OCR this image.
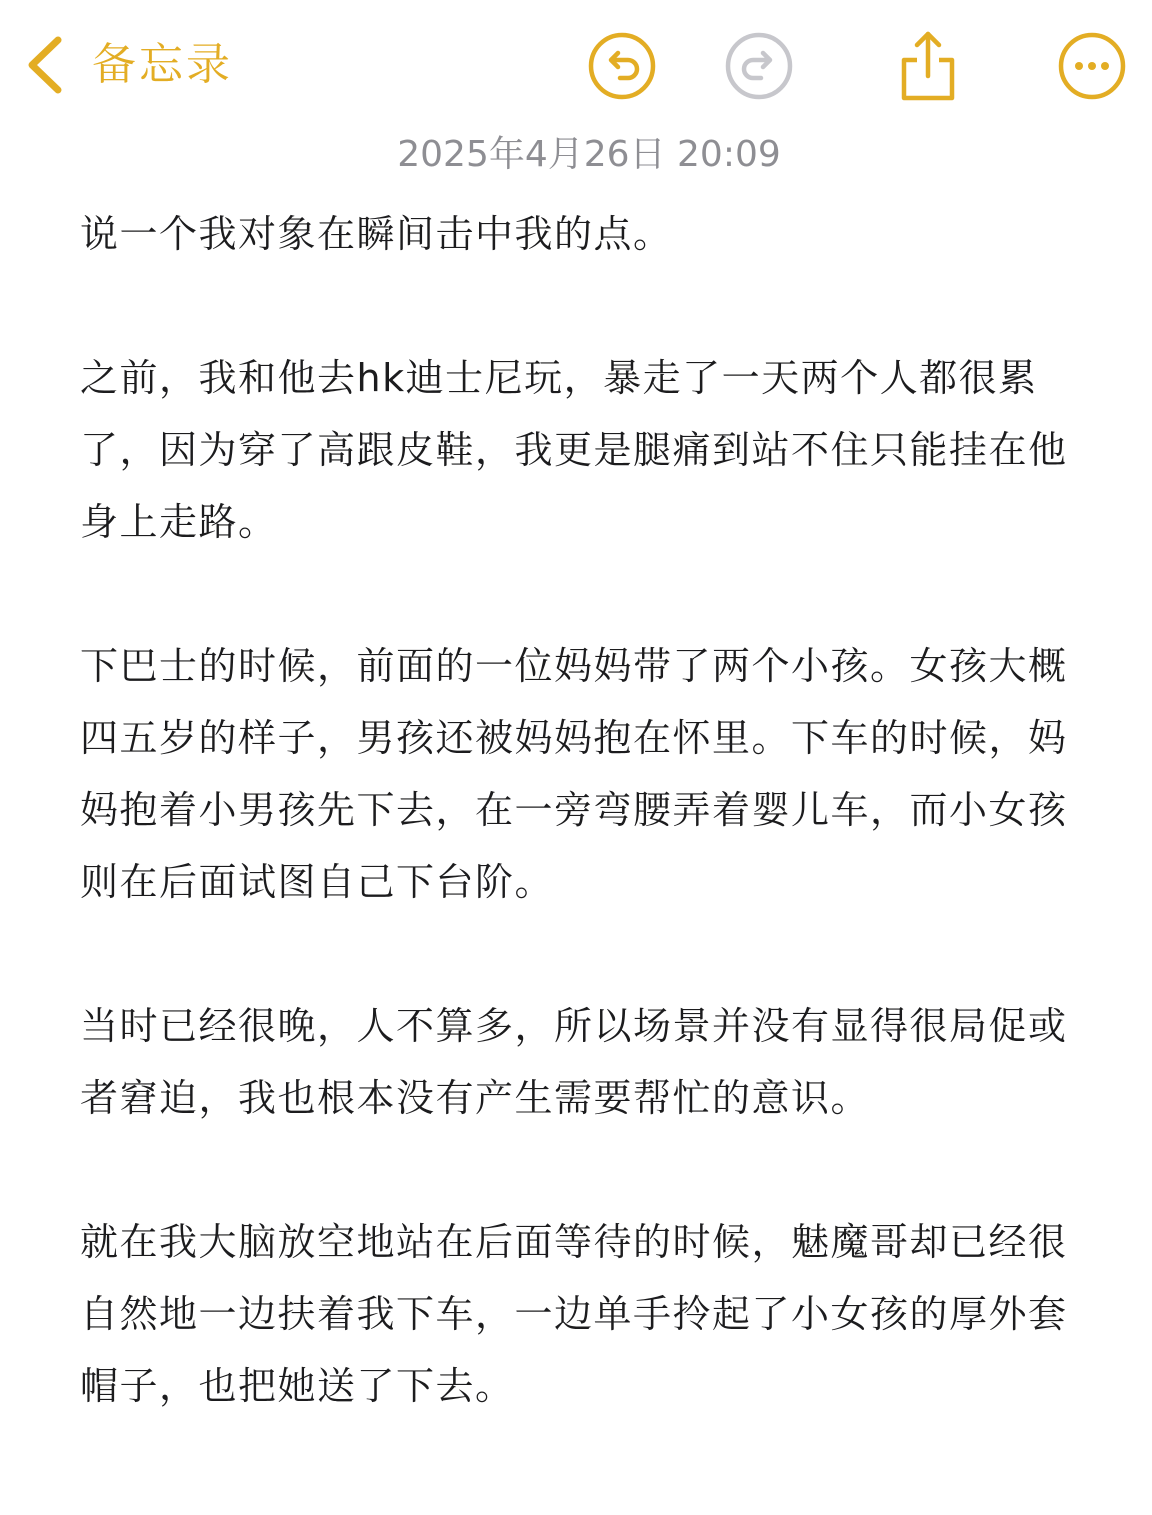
备忘录
2025年4月26日 20:09

说一个我对象在瞬间击中我的点。

之前，我和他去hk迪士尼玩，暴走了一天两个人都很累了，因为穿了高跟皮鞋，我更是腿痛到站不住只能挂在他身上走路。

下巴士的时候，前面的一位妈妈带了两个小孩。女孩大概四五岁的样子，男孩还被妈妈抱在怀里。下车的时候，妈妈抱着小男孩先下去，在一旁弯腰弄着婴儿车，而小女孩则在后面试图自己下台阶。

当时已经很晚，人不算多，所以场景并没有显得很局促或者窘迫，我也根本没有产生需要帮忙的意识。

就在我大脑放空地站在后面等待的时候，魅魔哥却已经很自然地一边扶着我下车，一边单手拎起了小女孩的厚外套帽子，也把她送了下去。
